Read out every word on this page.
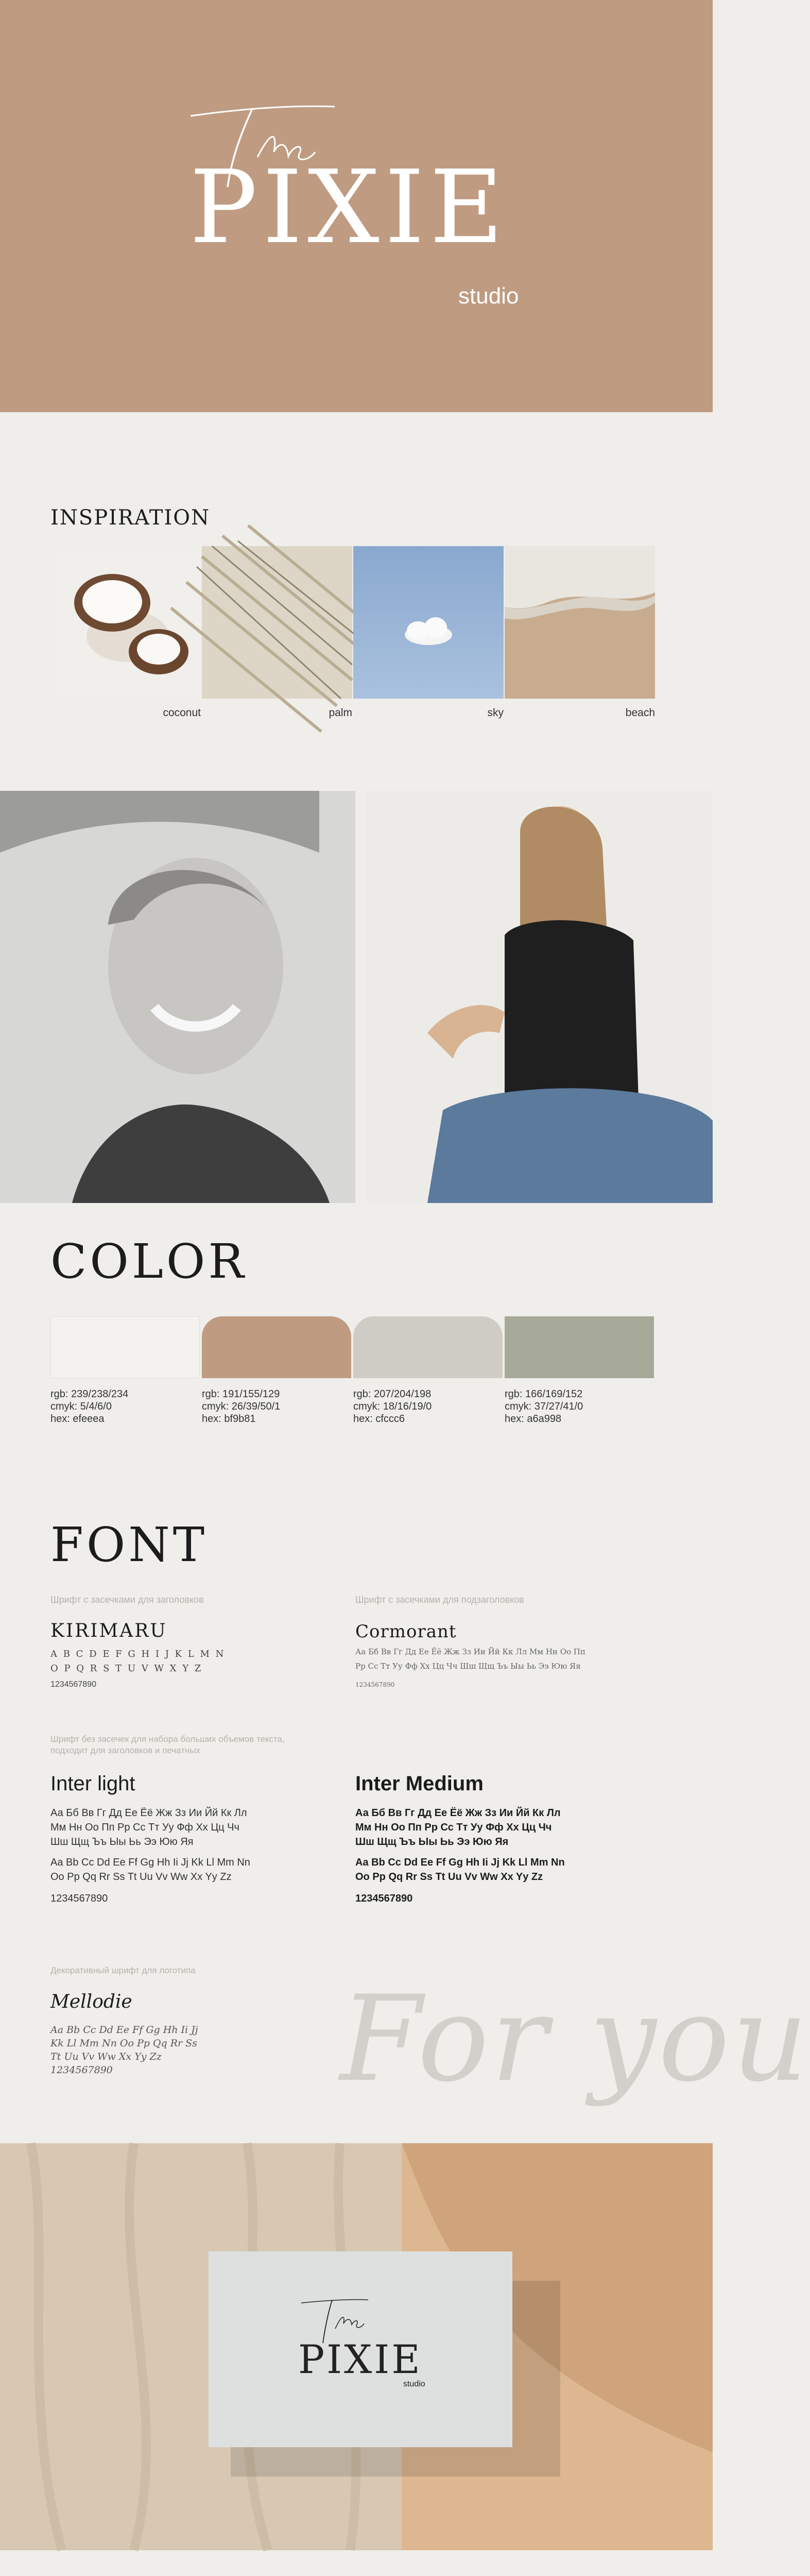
PIXIE
studio
INSPIRATION
coconut	palm	sky	beach
COLOR
rgb: 239/238/234
cmyk: 5/4/6/0
hex: efeeea
rgb: 191/155/129
cmyk: 26/39/50/1
hex: bf9b81
rgb: 207/204/198
cmyk: 18/16/19/0
hex: cfccc6
rgb: 166/169/152
cmyk: 37/27/41/0
hex: a6a998
FONT
Шрифт с засечками для заголовков	Шрифт с засечками для подзаголовков
KIRIMARU
A B C D E F G H I J K L M N
O P Q R S T U V W X Y Z
1234567890
Cormorant
Аа Бб Вв Гг Дд Ее Ёё Жж Зз Ии Йй Кк Лл Мм Нн Оо Пп
Рр Сс Тт Уу Фф Хх Цц Чч Шш Щщ Ъъ Ыы Ьь Ээ Юю Яя
1234567890
Шрифт без засечек для набора больших объемов текста,
подходит для заголовков и печатных
Inter light
Аа Бб Вв Гг Дд Ее Ёё Жж Зз Ии Йй Кк Лл
Мм Нн Оо Пп Рр Сс Тт Уу Фф Хх Цц Чч
Шш Щщ Ъъ Ыы Ьь Ээ Юю Яя
Aa Bb Cc Dd Ee Ff Gg Hh Ii Jj Kk Ll Mm Nn
Oo Pp Qq Rr Ss Tt Uu Vv Ww Xx Yy Zz
1234567890
Inter Medium
Аа Бб Вв Гг Дд Ее Ёё Жж Зз Ии Йй Кк Лл
Мм Нн Оо Пп Рр Сс Тт Уу Фф Хх Цц Чч
Шш Щщ Ъъ Ыы Ьь Ээ Юю Яя
Aa Bb Cc Dd Ee Ff Gg Hh Ii Jj Kk Ll Mm Nn
Oo Pp Qq Rr Ss Tt Uu Vv Ww Xx Yy Zz
1234567890
Декоративный шрифт для логотипа
Mellodie
Aa Bb Cc Dd Ee Ff Gg Hh Ii Jj
Kk Ll Mm Nn Oo Pp Qq Rr Ss
Tt Uu Vv Ww Xx Yy Zz
1234567890	For you
PIXIE
studio
